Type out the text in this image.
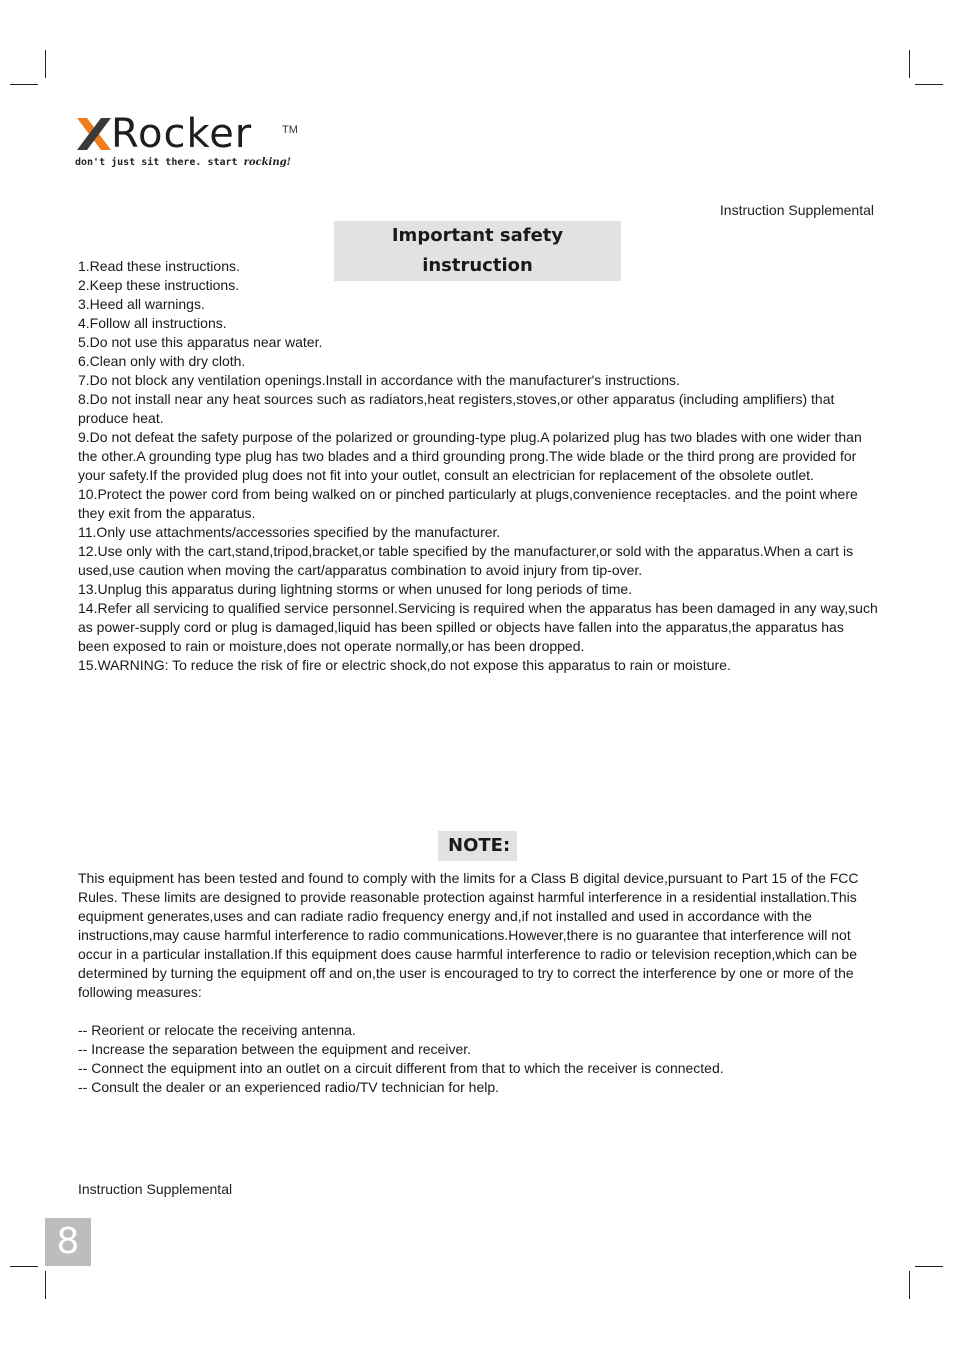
Rocker	TM
don't just sit there. start rocking!
Instruction Supplemental
Important safety instruction
1.Read these instructions.
2.Keep these instructions.
3.Heed all warnings.
4.Follow all instructions.
5.Do not use this apparatus near water.
6.Clean only with dry cloth.
7.Do not block any ventilation openings.Install in accordance with the manufacturer's instructions.
8.Do not install near any heat sources such as radiators,heat registers,stoves,or other apparatus (including amplifiers) that produce heat.
9.Do not defeat the safety purpose of the polarized or grounding-type plug.A polarized plug has two blades with one wider than the other.A grounding type plug has two blades and a third grounding prong.The wide blade or the third prong are provided for your safety.If the provided plug does not fit into your outlet, consult an electrician for replacement of the obsolete outlet.
10.Protect the power cord from being walked on or pinched particularly at plugs,convenience receptacles. and the point where they exit from the apparatus.
11.Only use attachments/accessories specified by the manufacturer.
12.Use only with the cart,stand,tripod,bracket,or table specified by the manufacturer,or sold with the apparatus.When a cart is used,use caution when moving the cart/apparatus combination to avoid injury from tip-over.
13.Unplug this apparatus during lightning storms or when unused for long periods of time.
14.Refer all servicing to qualified service personnel.Servicing is required when the apparatus has been damaged in any way,such as power-supply cord or plug is damaged,liquid has been spilled or objects have fallen into the apparatus,the apparatus has been exposed to rain or moisture,does not operate normally,or has been dropped.
15.WARNING: To reduce the risk of fire or electric shock,do not expose this apparatus to rain or moisture.
NOTE:

This equipment has been tested and found to comply with the limits for a Class B digital device,pursuant to Part 15 of the FCC Rules. These limits are designed to provide reasonable protection against harmful interference in a residential installation.This equipment generates,uses and can radiate radio frequency energy and,if not installed and used in accordance with the instructions,may cause harmful interference to radio communications.However,there is no guarantee that interference will not occur in a particular installation.If this equipment does cause harmful interference to radio or television reception,which can be determined by turning the equipment off and on,the user is encouraged to try to correct the interference by one or more of the following measures:

-- Reorient or relocate the receiving antenna.
-- Increase the separation between the equipment and receiver.
-- Connect the equipment into an outlet on a circuit different from that to which the receiver is connected.
-- Consult the dealer or an experienced radio/TV technician for help.
Instruction Supplemental
8
